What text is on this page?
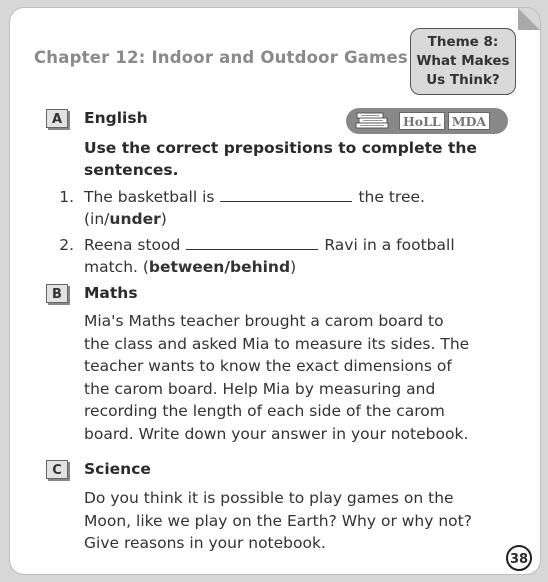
Chapter 12: Indoor and Outdoor Games
Theme 8:
What Makes
Us Think?
A	English	HoLL MDA
Use the correct prepositions to complete the
sentences.
1. The basketball is	the tree.
(in/under)
2. Reena stood	Ravi in a football
match. (between/behind)
B	Maths
Mia's Maths teacher brought a carom board to
the class and asked Mia to measure its sides. The
teacher wants to know the exact dimensions of
the carom board. Help Mia by measuring and
recording the length of each side of the carom
board. Write down your answer in your notebook.
C	Science
Do you think it is possible to play games on the
Moon, like we play on the Earth? Why or why not?
Give reasons in your notebook.
38
